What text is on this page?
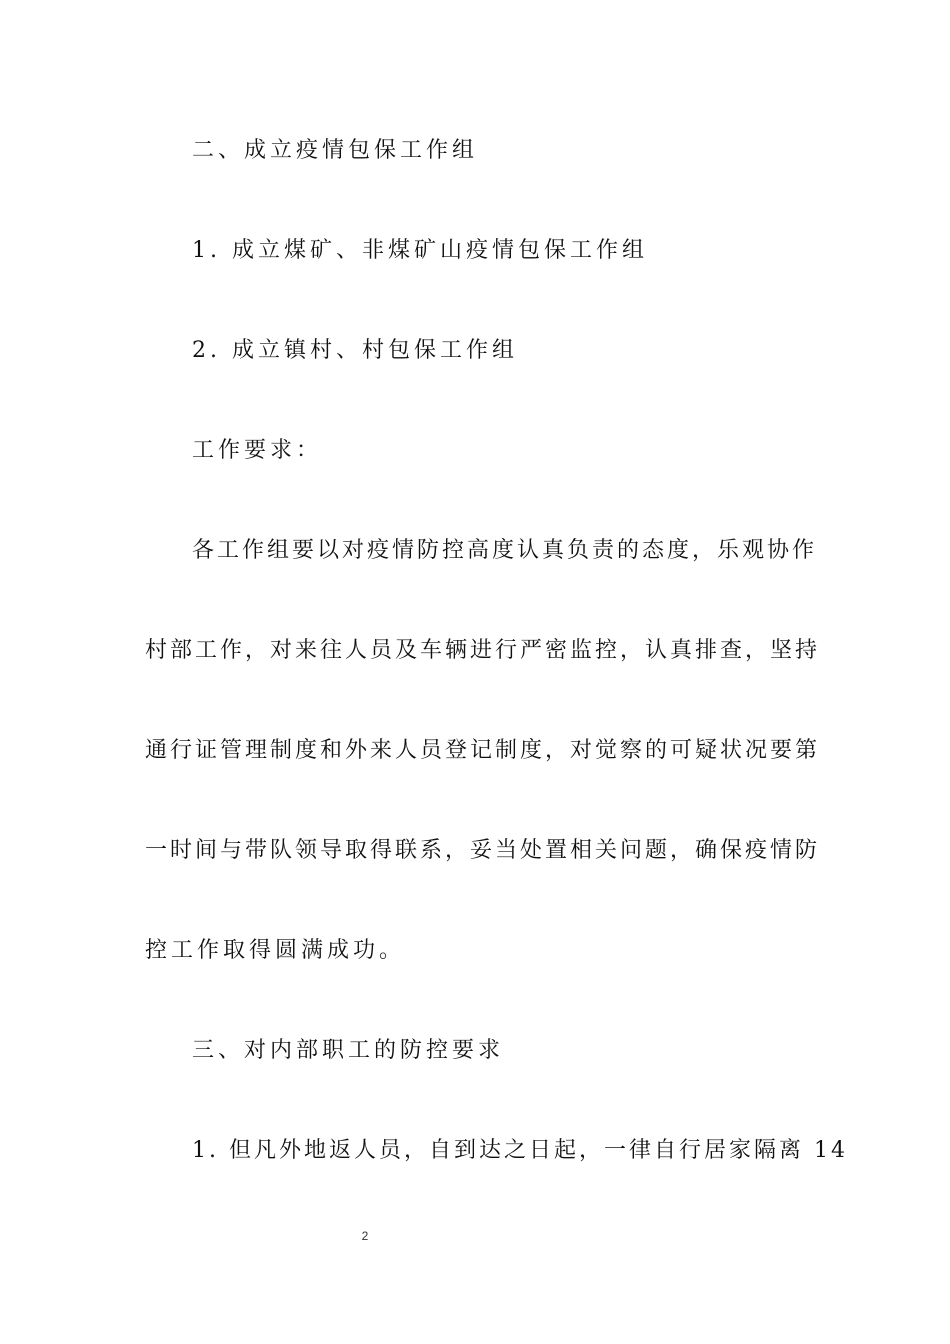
二、成立疫情包保工作组
1. 成立煤矿、非煤矿山疫情包保工作组
2. 成立镇村、村包保工作组
工作要求：
各工作组要以对疫情防控高度认真负责的态度，乐观协作
村部工作，对来往人员及车辆进行严密监控，认真排查，坚持
通行证管理制度和外来人员登记制度，对觉察的可疑状况要第
一时间与带队领导取得联系，妥当处置相关问题，确保疫情防
控工作取得圆满成功。
三、对内部职工的防控要求
1. 但凡外地返人员，自到达之日起，一律自行居家隔离 14
2
